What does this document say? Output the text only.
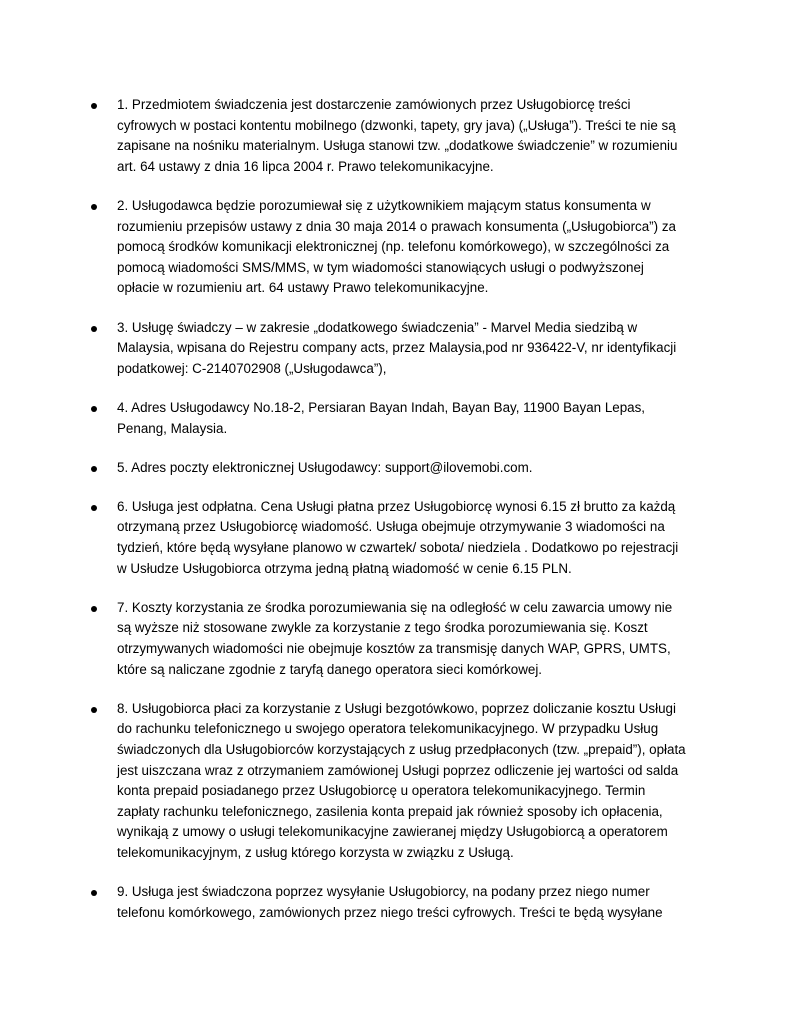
1. Przedmiotem świadczenia jest dostarczenie zamówionych przez Usługobiorcę treści cyfrowych w postaci kontentu mobilnego (dzwonki, tapety, gry java) („Usługa”). Treści te nie są zapisane na nośniku materialnym. Usługa stanowi tzw. „dodatkowe świadczenie” w rozumieniu art. 64 ustawy z dnia 16 lipca 2004 r. Prawo telekomunikacyjne.
2. Usługodawca będzie porozumiewał się z użytkownikiem mającym status konsumenta w rozumieniu przepisów ustawy z dnia 30 maja 2014 o prawach konsumenta („Usługobiorca”) za pomocą środków komunikacji elektronicznej (np. telefonu komórkowego), w szczególności za pomocą wiadomości SMS/MMS, w tym wiadomości stanowiących usługi o podwyższonej opłacie w rozumieniu art. 64 ustawy Prawo telekomunikacyjne.
3. Usługę świadczy – w zakresie „dodatkowego świadczenia” - Marvel Media siedzibą w Malaysia, wpisana do Rejestru company acts, przez Malaysia,pod nr 936422-V, nr identyfikacji podatkowej: C-2140702908 („Usługodawca”),
4. Adres Usługodawcy No.18-2, Persiaran Bayan Indah, Bayan Bay, 11900 Bayan Lepas, Penang, Malaysia.
5. Adres poczty elektronicznej Usługodawcy: support@ilovemobi.com.
6. Usługa jest odpłatna. Cena Usługi płatna przez Usługobiorcę wynosi 6.15 zł brutto za każdą otrzymaną przez Usługobiorcę wiadomość. Usługa obejmuje otrzymywanie 3 wiadomości na tydzień, które będą wysyłane planowo w czwartek/ sobota/ niedziela . Dodatkowo po rejestracji w Usłudze Usługobiorca otrzyma jedną płatną wiadomość w cenie 6.15 PLN.
7. Koszty korzystania ze środka porozumiewania się na odległość w celu zawarcia umowy nie są wyższe niż stosowane zwykle za korzystanie z tego środka porozumiewania się. Koszt otrzymywanych wiadomości nie obejmuje kosztów za transmisję danych WAP, GPRS, UMTS, które są naliczane zgodnie z taryfą danego operatora sieci komórkowej.
8. Usługobiorca płaci za korzystanie z Usługi bezgotówkowo, poprzez doliczanie kosztu Usługi do rachunku telefonicznego u swojego operatora telekomunikacyjnego. W przypadku Usług świadczonych dla Usługobiorców korzystających z usług przedpłaconych (tzw. „prepaid”), opłata jest uiszczana wraz z otrzymaniem zamówionej Usługi poprzez odliczenie jej wartości od salda konta prepaid posiadanego przez Usługobiorcę u operatora telekomunikacyjnego. Termin zapłaty rachunku telefonicznego, zasilenia konta prepaid jak również sposoby ich opłacenia, wynikają z umowy o usługi telekomunikacyjne zawieranej między Usługobiorcą a operatorem telekomunikacyjnym, z usług którego korzysta w związku z Usługą.
9. Usługa jest świadczona poprzez wysyłanie Usługobiorcy, na podany przez niego numer telefonu komórkowego, zamówionych przez niego treści cyfrowych. Treści te będą wysyłane
